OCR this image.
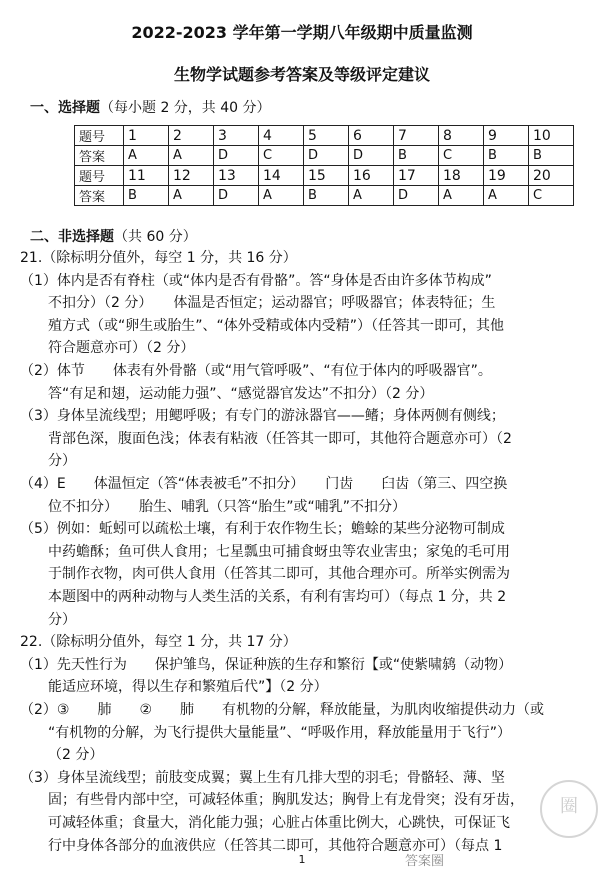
2022-2023 学年第一学期八年级期中质量监测
生物学试题参考答案及等级评定建议
一、选择题（每小题 2 分，共 40 分）
题号	1	2	3	4	5	6	7	8	9	10
答案	A	A	D	C	D	D	B	C	B	B
题号	11	12	13	14	15	16	17	18	19	20
答案	B	A	D	A	B	A	D	A	A	C
二、非选择题（共 60 分）
21.（除标明分值外，每空 1 分，共 16 分）
（1）体内是否有脊柱（或“体内是否有骨骼”。答“身体是否由许多体节构成”
不扣分）（2 分）　　体温是否恒定；运动器官；呼吸器官；体表特征；生
殖方式（或“卵生或胎生”、“体外受精或体内受精”）（任答其一即可，其他
符合题意亦可）（2 分）
（2）体节　　体表有外骨骼（或“用气管呼吸”、“有位于体内的呼吸器官”。
答“有足和翅，运动能力强”、“感觉器官发达”不扣分）（2 分）
（3）身体呈流线型；用鳃呼吸；有专门的游泳器官——鳍；身体两侧有侧线；
背部色深，腹面色浅；体表有粘液（任答其一即可，其他符合题意亦可）（2
分）
（4）E　　体温恒定（答“体表被毛”不扣分）　　门齿　　臼齿（第三、四空换
位不扣分）　　胎生、哺乳（只答“胎生”或“哺乳”不扣分）
（5）例如：蚯蚓可以疏松土壤，有利于农作物生长；蟾蜍的某些分泌物可制成
中药蟾酥；鱼可供人食用；七星瓢虫可捕食蚜虫等农业害虫；家兔的毛可用
于制作衣物，肉可供人食用（任答其二即可，其他合理亦可。所举实例需为
本题图中的两种动物与人类生活的关系，有利有害均可）（每点 1 分，共 2
分）
22.（除标明分值外，每空 1 分，共 17 分）
（1）先天性行为　　保护雏鸟，保证种族的生存和繁衍【或“使紫啸鸫（动物）
能适应环境，得以生存和繁殖后代”】（2 分）
（2）③　　肺　　②　　肺　　有机物的分解，释放能量，为肌肉收缩提供动力（或
“有机物的分解，为飞行提供大量能量”、“呼吸作用，释放能量用于飞行”）
（2 分）
（3）身体呈流线型；前肢变成翼；翼上生有几排大型的羽毛；骨骼轻、薄、坚
固；有些骨内部中空，可减轻体重；胸肌发达；胸骨上有龙骨突；没有牙齿，
可减轻体重；食量大，消化能力强；心脏占体重比例大，心跳快，可保证飞
行中身体各部分的血液供应（任答其二即可，其他符合题意亦可）（每点 1
圈
答案圈
1
